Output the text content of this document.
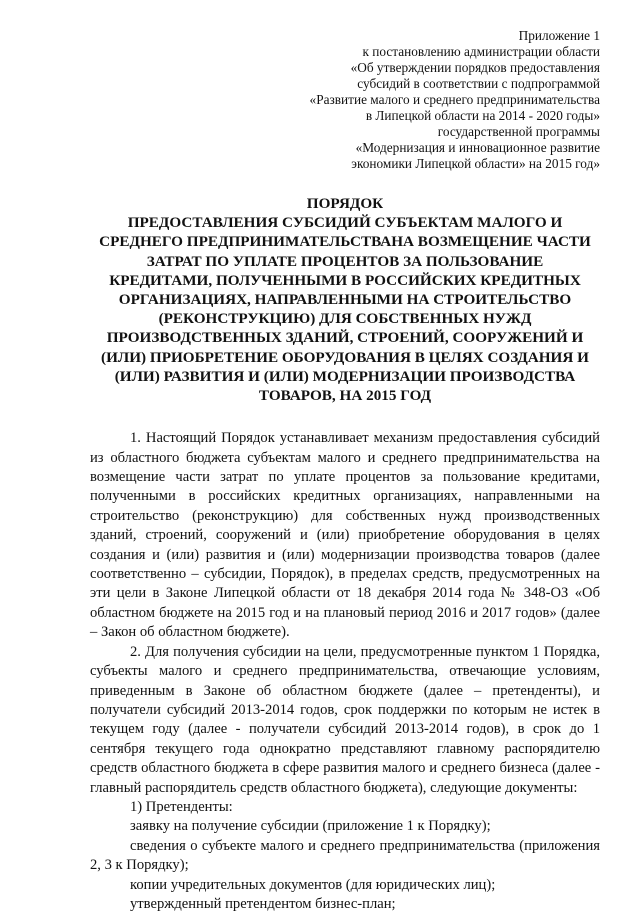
Приложение 1
к постановлению администрации области
«Об утверждении порядков предоставления
субсидий в соответствии с подпрограммой
«Развитие малого и среднего предпринимательства
в Липецкой области на 2014 - 2020 годы»
государственной программы
«Модернизация и инновационное развитие
экономики Липецкой области» на 2015 год»
ПОРЯДОК
ПРЕДОСТАВЛЕНИЯ СУБСИДИЙ СУБЪЕКТАМ МАЛОГО И
СРЕДНЕГО ПРЕДПРИНИМАТЕЛЬСТВАНА ВОЗМЕЩЕНИЕ ЧАСТИ
ЗАТРАТ ПО УПЛАТЕ ПРОЦЕНТОВ ЗА ПОЛЬЗОВАНИЕ
КРЕДИТАМИ, ПОЛУЧЕННЫМИ В РОССИЙСКИХ КРЕДИТНЫХ
ОРГАНИЗАЦИЯХ, НАПРАВЛЕННЫМИ НА СТРОИТЕЛЬСТВО
(РЕКОНСТРУКЦИЮ) ДЛЯ СОБСТВЕННЫХ НУЖД
ПРОИЗВОДСТВЕННЫХ ЗДАНИЙ, СТРОЕНИЙ, СООРУЖЕНИЙ И
(ИЛИ) ПРИОБРЕТЕНИЕ ОБОРУДОВАНИЯ В ЦЕЛЯХ СОЗДАНИЯ И
(ИЛИ) РАЗВИТИЯ И (ИЛИ) МОДЕРНИЗАЦИИ ПРОИЗВОДСТВА
ТОВАРОВ, НА 2015 ГОД

1. Настоящий Порядок устанавливает механизм предоставления субсидий из областного бюджета субъектам малого и среднего предпринимательства на возмещение части затрат по уплате процентов за пользование кредитами, полученными в российских кредитных организациях, направленными на строительство (реконструкцию) для собственных нужд производственных зданий, строений, сооружений и (или) приобретение оборудования в целях создания и (или) развития и (или) модернизации производства товаров (далее соответственно – субсидии, Порядок), в пределах средств, предусмотренных на эти цели в Законе Липецкой области от 18 декабря 2014 года № 348-ОЗ «Об областном бюджете на 2015 год и на плановый период 2016 и 2017 годов» (далее – Закон об областном бюджете).

2. Для получения субсидии на цели, предусмотренные пунктом 1 Порядка, субъекты малого и среднего предпринимательства, отвечающие условиям, приведенным в Законе об областном бюджете (далее – претенденты), и получатели субсидий 2013-2014 годов, срок поддержки по которым не истек в текущем году (далее - получатели субсидий 2013-2014 годов), в срок до 1 сентября текущего года однократно представляют главному распорядителю средств областного бюджета в сфере развития малого и среднего бизнеса (далее - главный распорядитель средств областного бюджета), следующие документы:

1) Претенденты:

заявку на получение субсидии (приложение 1 к Порядку);

сведения о субъекте малого и среднего предпринимательства (приложения 2, 3 к Порядку);

копии учредительных документов (для юридических лиц);

утвержденный претендентом бизнес-план;
